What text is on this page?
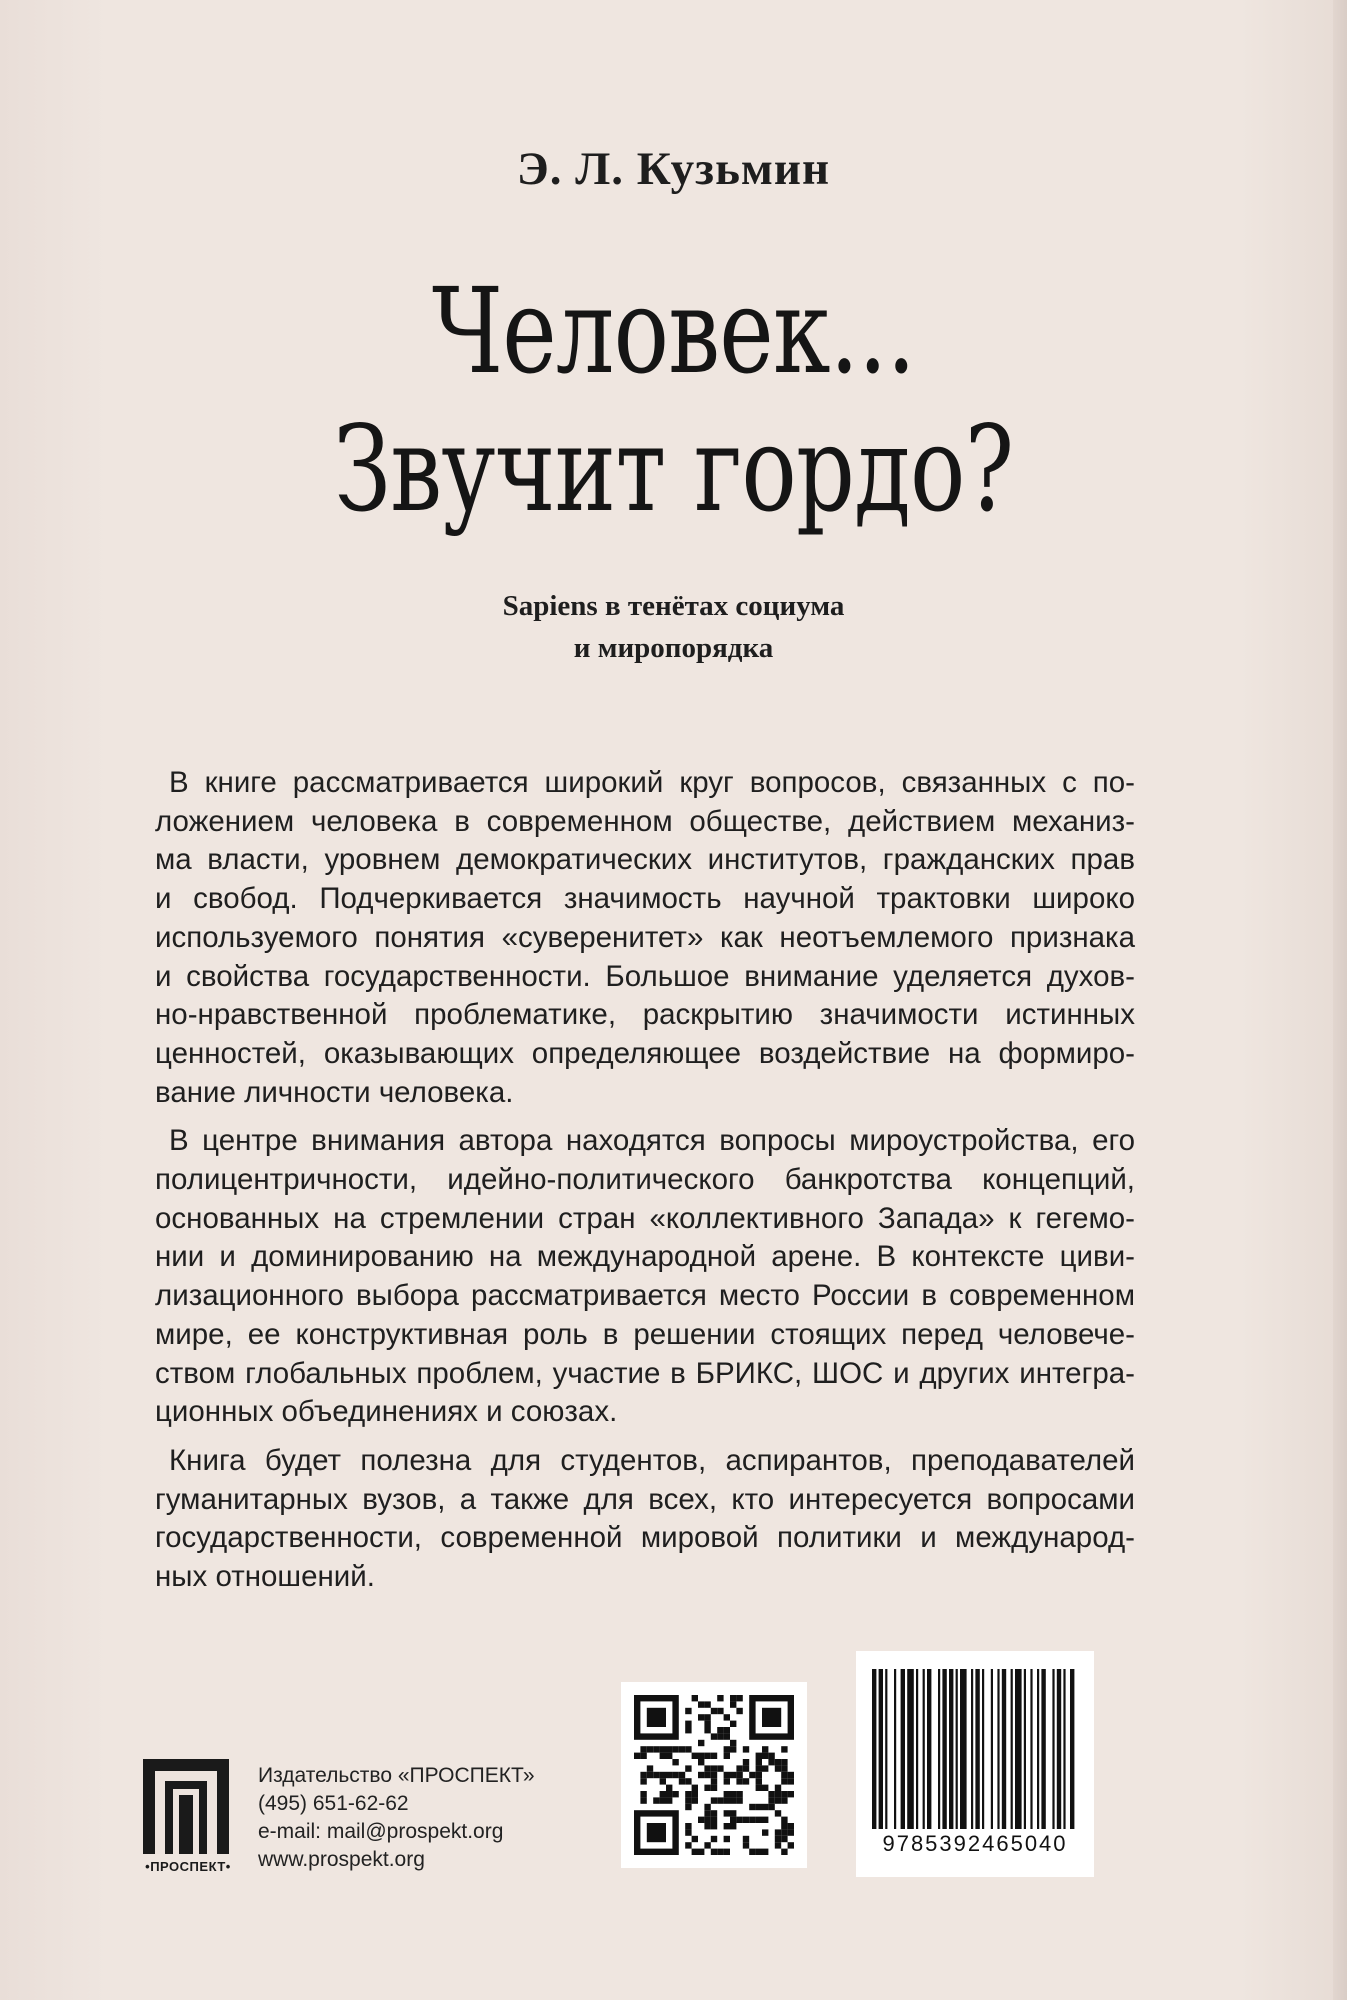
Э. Л. Кузьмин
Человек...
Звучит гордо?
Sapiens в тенётах социума
и миропорядка

В книге рассматривается широкий круг вопросов, связанных с по-
ложением человека в современном обществе, действием механиз-
ма власти, уровнем демократических институтов, гражданских прав
и свобод. Подчеркивается значимость научной трактовки широко
используемого понятия «суверенитет» как неотъемлемого признака
и свойства государственности. Большое внимание уделяется духов-
но-нравственной проблематике, раскрытию значимости истинных
ценностей, оказывающих определяющее воздействие на формиро-
вание личности человека.

В центре внимания автора находятся вопросы мироустройства, его
полицентричности, идейно-политического банкротства концепций,
основанных на стремлении стран «коллективного Запада» к гегемо-
нии и доминированию на международной арене. В контексте циви-
лизационного выбора рассматривается место России в современном
мире, ее конструктивная роль в решении стоящих перед человече-
ством глобальных проблем, участие в БРИКС, ШОС и других интегра-
ционных объединениях и союзах.

Книга будет полезна для студентов, аспирантов, преподавателей
гуманитарных вузов, а также для всех, кто интересуется вопросами
государственности, современной мировой политики и международ-
ных отношений.

•ПРОСПЕКТ•
Издательство «ПРОСПЕКТ»
(495) 651-62-62
e-mail: mail@prospekt.org
www.prospekt.org
9785392465040
